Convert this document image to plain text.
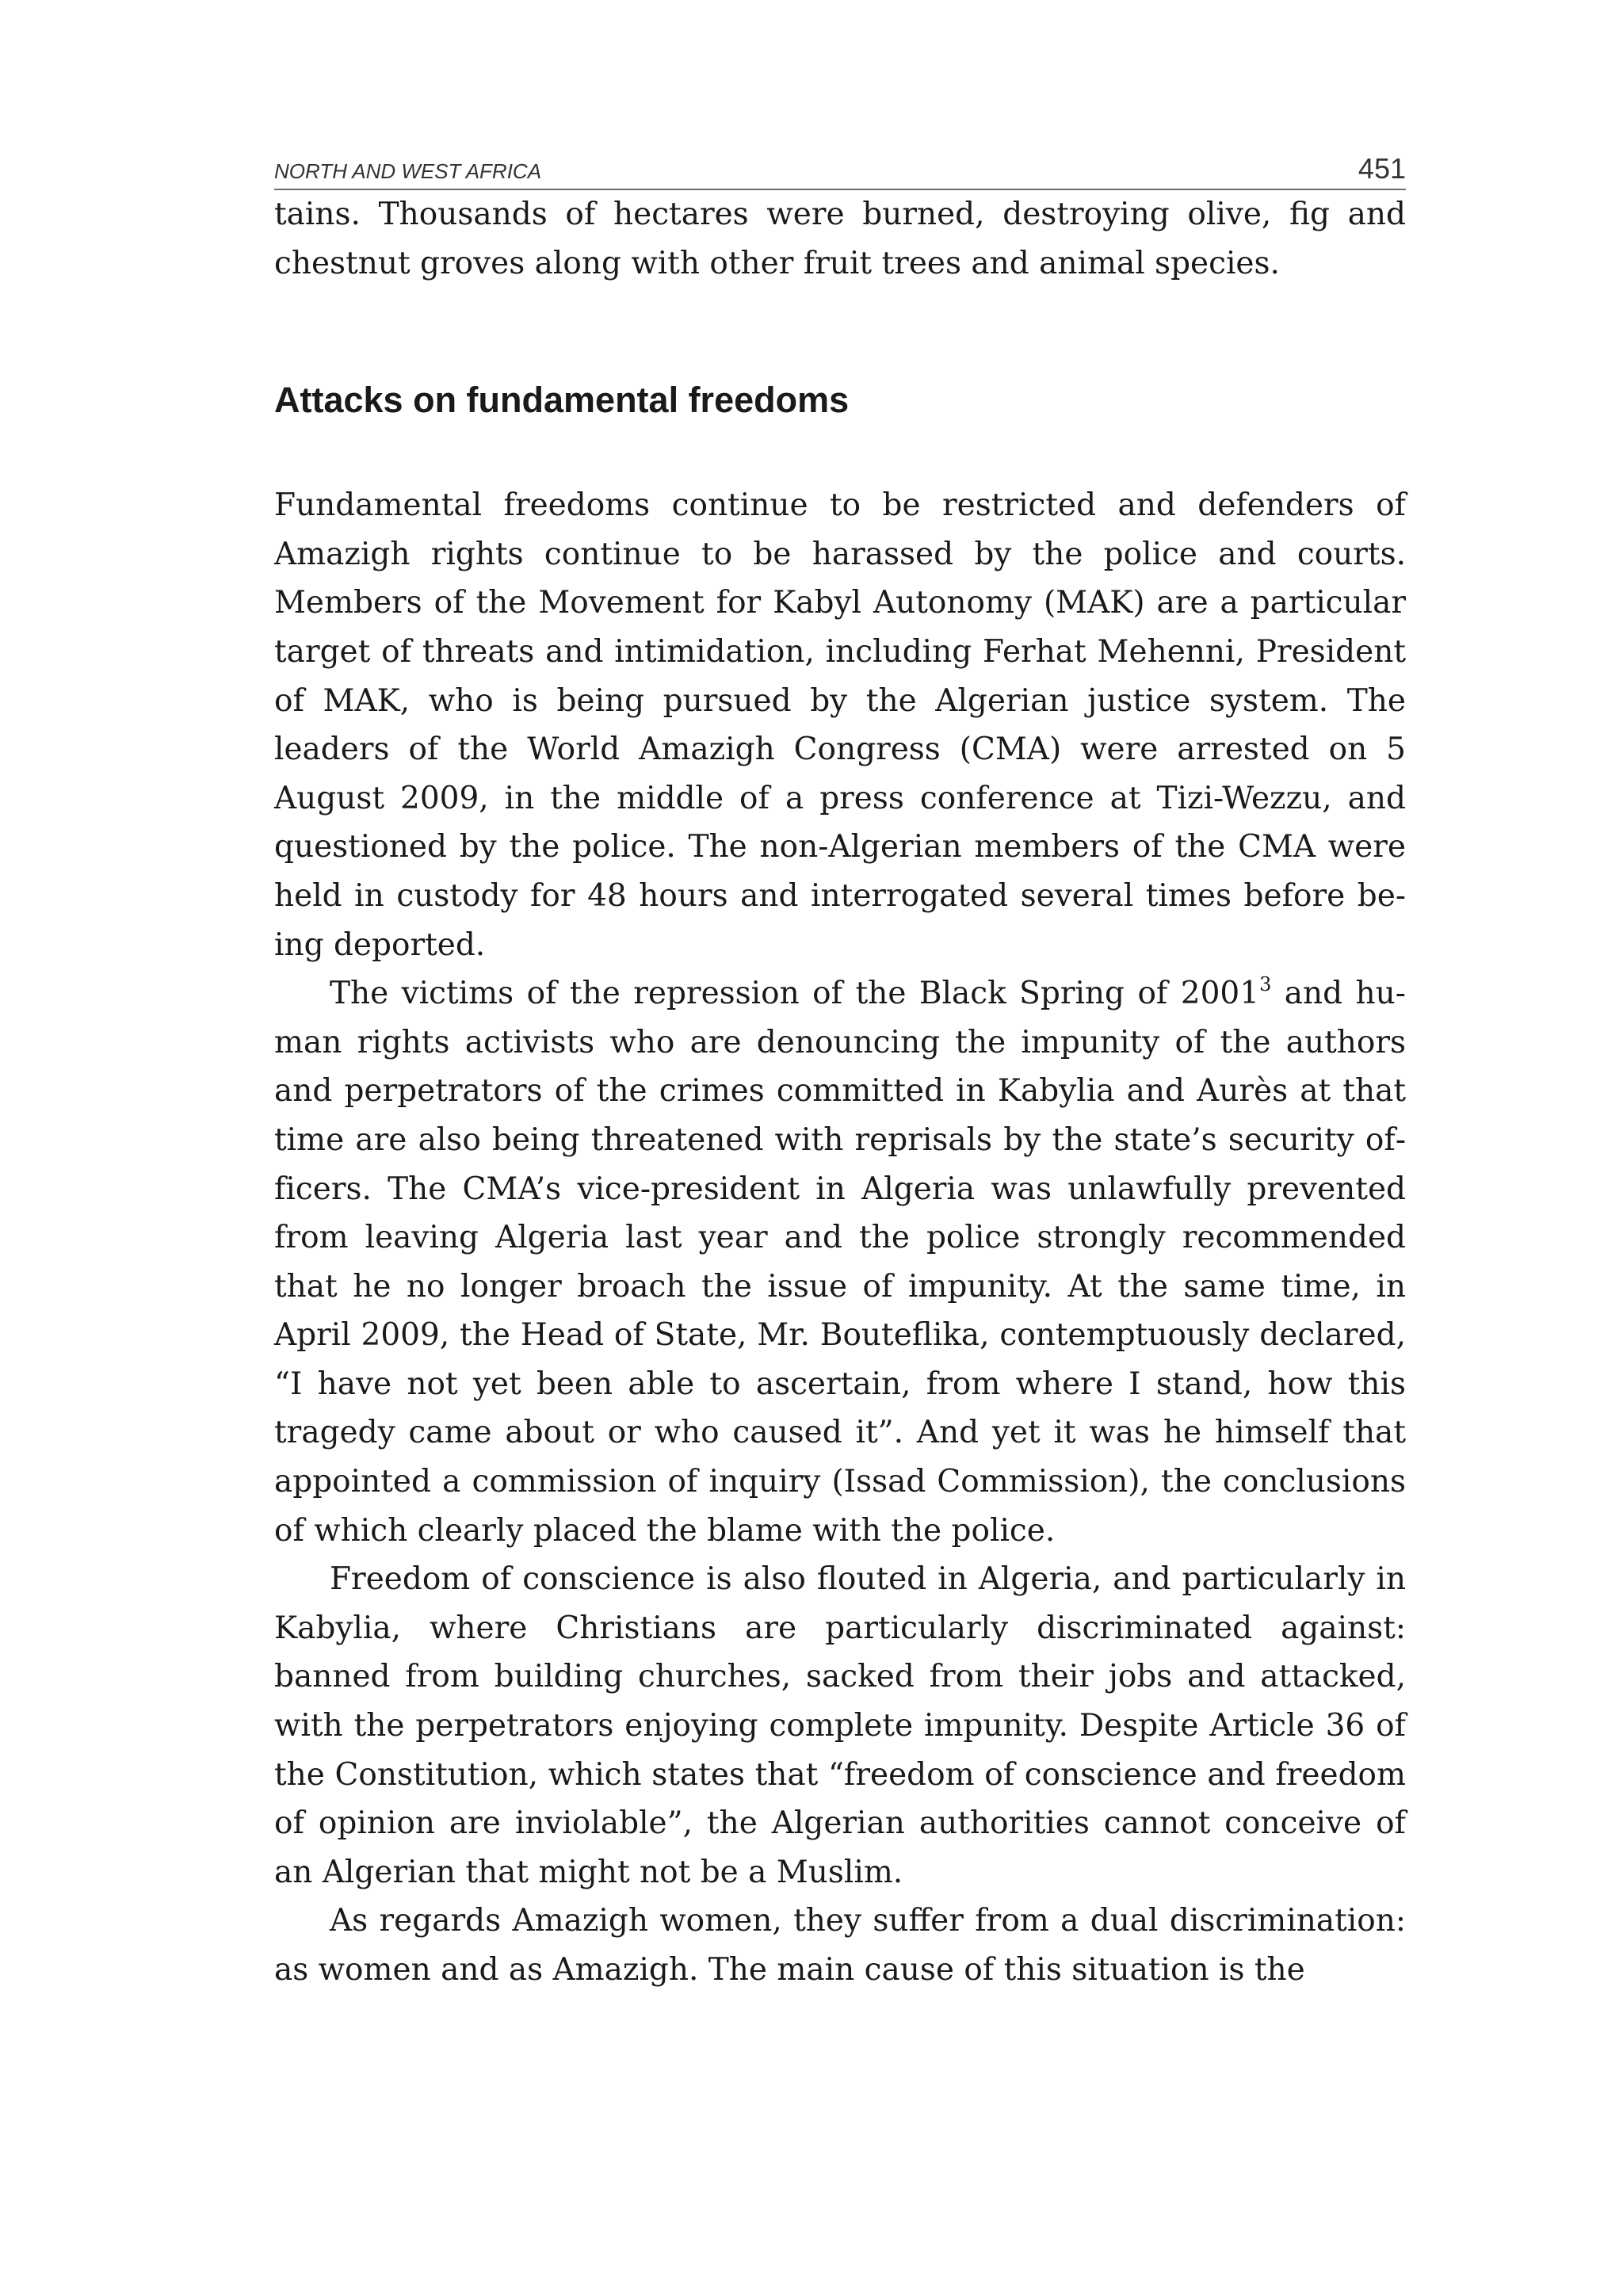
NORTH AND WEST AFRICA	451

tains. Thousands of hectares were burned, destroying olive, fig and chestnut groves along with other fruit trees and animal species.

Attacks on fundamental freedoms

Fundamental freedoms continue to be restricted and defenders of Amazigh rights continue to be harassed by the police and courts. Members of the Movement for Kabyl Autonomy (MAK) are a particular target of threats and intimidation, including Ferhat Mehenni, President of MAK, who is being pursued by the Algerian justice system. The leaders of the World Amazigh Congress (CMA) were arrested on 5 August 2009, in the middle of a press conference at Tizi-Wezzu, and questioned by the police. The non-Algerian members of the CMA were held in custody for 48 hours and interrogated several times before being deported.

The victims of the repression of the Black Spring of 2001$^3$ and human rights activists who are denouncing the impunity of the authors and perpetrators of the crimes committed in Kabylia and Aurès at that time are also being threatened with reprisals by the state’s security officers. The CMA’s vice-president in Algeria was unlawfully prevented from leaving Algeria last year and the police strongly recommended that he no longer broach the issue of impunity. At the same time, in April 2009, the Head of State, Mr. Bouteflika, contemptuously declared, “I have not yet been able to ascertain, from where I stand, how this tragedy came about or who caused it”. And yet it was he himself that appointed a commission of inquiry (Issad Commission), the conclusions of which clearly placed the blame with the police.

Freedom of conscience is also flouted in Algeria, and particularly in Kabylia, where Christians are particularly discriminated against: banned from building churches, sacked from their jobs and attacked, with the perpetrators enjoying complete impunity. Despite Article 36 of the Constitution, which states that “freedom of conscience and freedom of opinion are inviolable”, the Algerian authorities cannot conceive of an Algerian that might not be a Muslim.

As regards Amazigh women, they suffer from a dual discrimination: as women and as Amazigh. The main cause of this situation is the
